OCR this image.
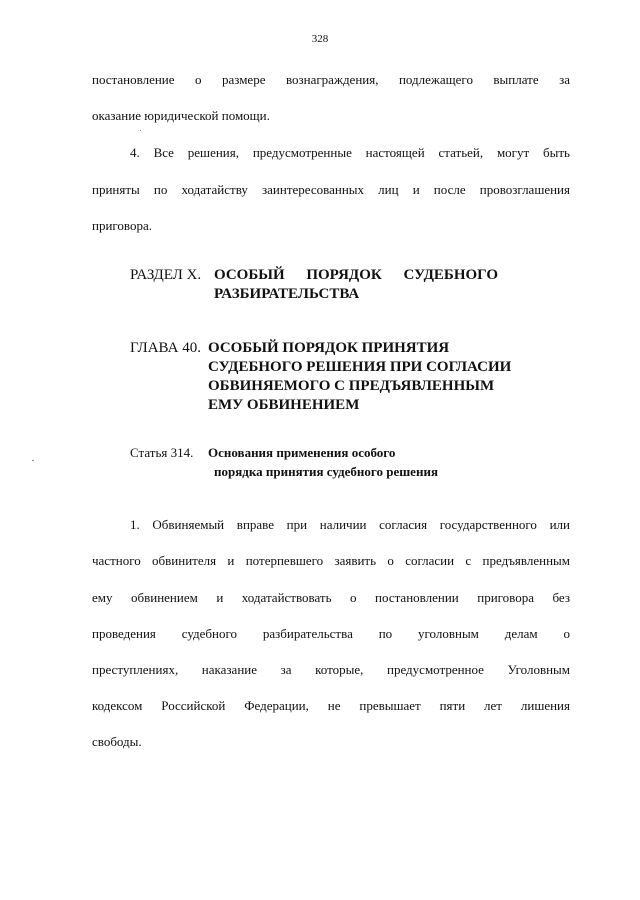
328
постановление о размере вознаграждения, подлежащего выплате за
оказание юридической помощи.
4. Все решения, предусмотренные настоящей статьей, могут быть
приняты по ходатайству заинтересованных лиц и после провозглашения
приговора.
РАЗДЕЛ X. ОСОБЫЙ ПОРЯДОК СУДЕБНОГО
РАЗБИРАТЕЛЬСТВА
ГЛАВА 40. ОСОБЫЙ ПОРЯДОК ПРИНЯТИЯ
СУДЕБНОГО РЕШЕНИЯ ПРИ СОГЛАСИИ
ОБВИНЯЕМОГО С ПРЕДЪЯВЛЕННЫМ
ЕМУ ОБВИНЕНИЕМ
Статья 314. Основания применения особого
порядка принятия судебного решения
1. Обвиняемый вправе при наличии согласия государственного или
частного обвинителя и потерпевшего заявить о согласии с предъявленным
ему обвинением и ходатайствовать о постановлении приговора без
проведения судебного разбирательства по уголовным делам о
преступлениях, наказание за которые, предусмотренное Уголовным
кодексом Российской Федерации, не превышает пяти лет лишения
свободы.
